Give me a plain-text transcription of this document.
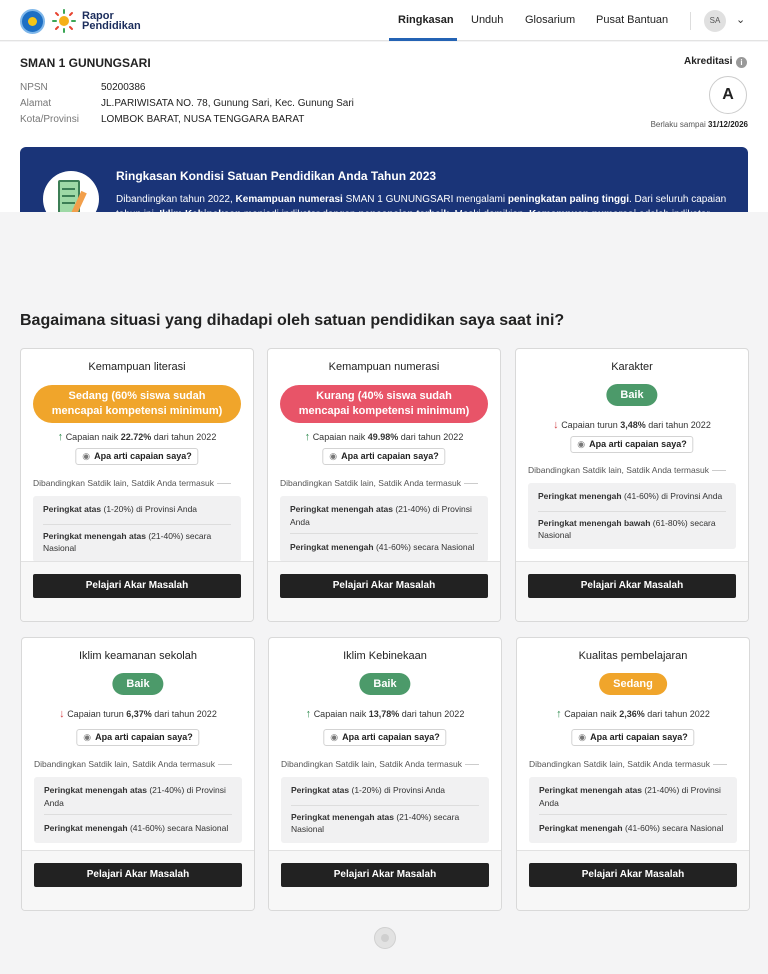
Rapor
Pendidikan	Ringkasan Unduh Glosarium Pusat Bantuan	SA	⌄
SMAN 1 GUNUNGSARI
NPSN	50200386
Alamat	JL.PARIWISATA NO. 78, Gunung Sari, Kec. Gunung Sari
Kota/Provinsi LOMBOK BARAT, NUSA TENGGARA BARAT
Akreditasi	i
A
Berlaku sampai 31/12/2026
Ringkasan Kondisi Satuan Pendidikan Anda Tahun 2023
Dibandingkan tahun 2022, Kemampuan numerasi SMAN 1 GUNUNGSARI mengalami peningkatan paling tinggi. Dari seluruh capaian
Bagaimana situasi yang dihadapi oleh satuan pendidikan saya saat ini?
Kemampuan literasi
Sedang (60% siswa sudah mencapai kompetensi minimum)
↑ Capaian naik 22.72% dari tahun 2022
◉ Apa arti capaian saya?
Dibandingkan Satdik lain, Satdik Anda termasuk
Peringkat atas (1-20%) di Provinsi Anda
Peringkat menengah atas (21-40%) secara Nasional
Pelajari Akar Masalah
Kemampuan numerasi
Kurang (40% siswa sudah mencapai kompetensi minimum)
↑ Capaian naik 49.98% dari tahun 2022
◉ Apa arti capaian saya?
Dibandingkan Satdik lain, Satdik Anda termasuk
Peringkat menengah atas (21-40%) di Provinsi Anda
Peringkat menengah (41-60%) secara Nasional
Pelajari Akar Masalah
Karakter
Baik
↓ Capaian turun 3,48% dari tahun 2022
◉ Apa arti capaian saya?
Dibandingkan Satdik lain, Satdik Anda termasuk
Peringkat menengah (41-60%) di Provinsi Anda
Peringkat menengah bawah (61-80%) secara Nasional
Pelajari Akar Masalah
Iklim keamanan sekolah
Baik
↓ Capaian turun 6,37% dari tahun 2022
◉ Apa arti capaian saya?
Dibandingkan Satdik lain, Satdik Anda termasuk
Peringkat menengah atas (21-40%) di Provinsi Anda
Peringkat menengah (41-60%) secara Nasional
Pelajari Akar Masalah
Iklim Kebinekaan
Baik
↑ Capaian naik 13,78% dari tahun 2022
◉ Apa arti capaian saya?
Dibandingkan Satdik lain, Satdik Anda termasuk
Peringkat atas (1-20%) di Provinsi Anda
Peringkat menengah atas (21-40%) secara Nasional
Pelajari Akar Masalah
Kualitas pembelajaran
Sedang
↑ Capaian naik 2,36% dari tahun 2022
◉ Apa arti capaian saya?
Dibandingkan Satdik lain, Satdik Anda termasuk
Peringkat menengah atas (21-40%) di Provinsi Anda
Peringkat menengah (41-60%) secara Nasional
Pelajari Akar Masalah
